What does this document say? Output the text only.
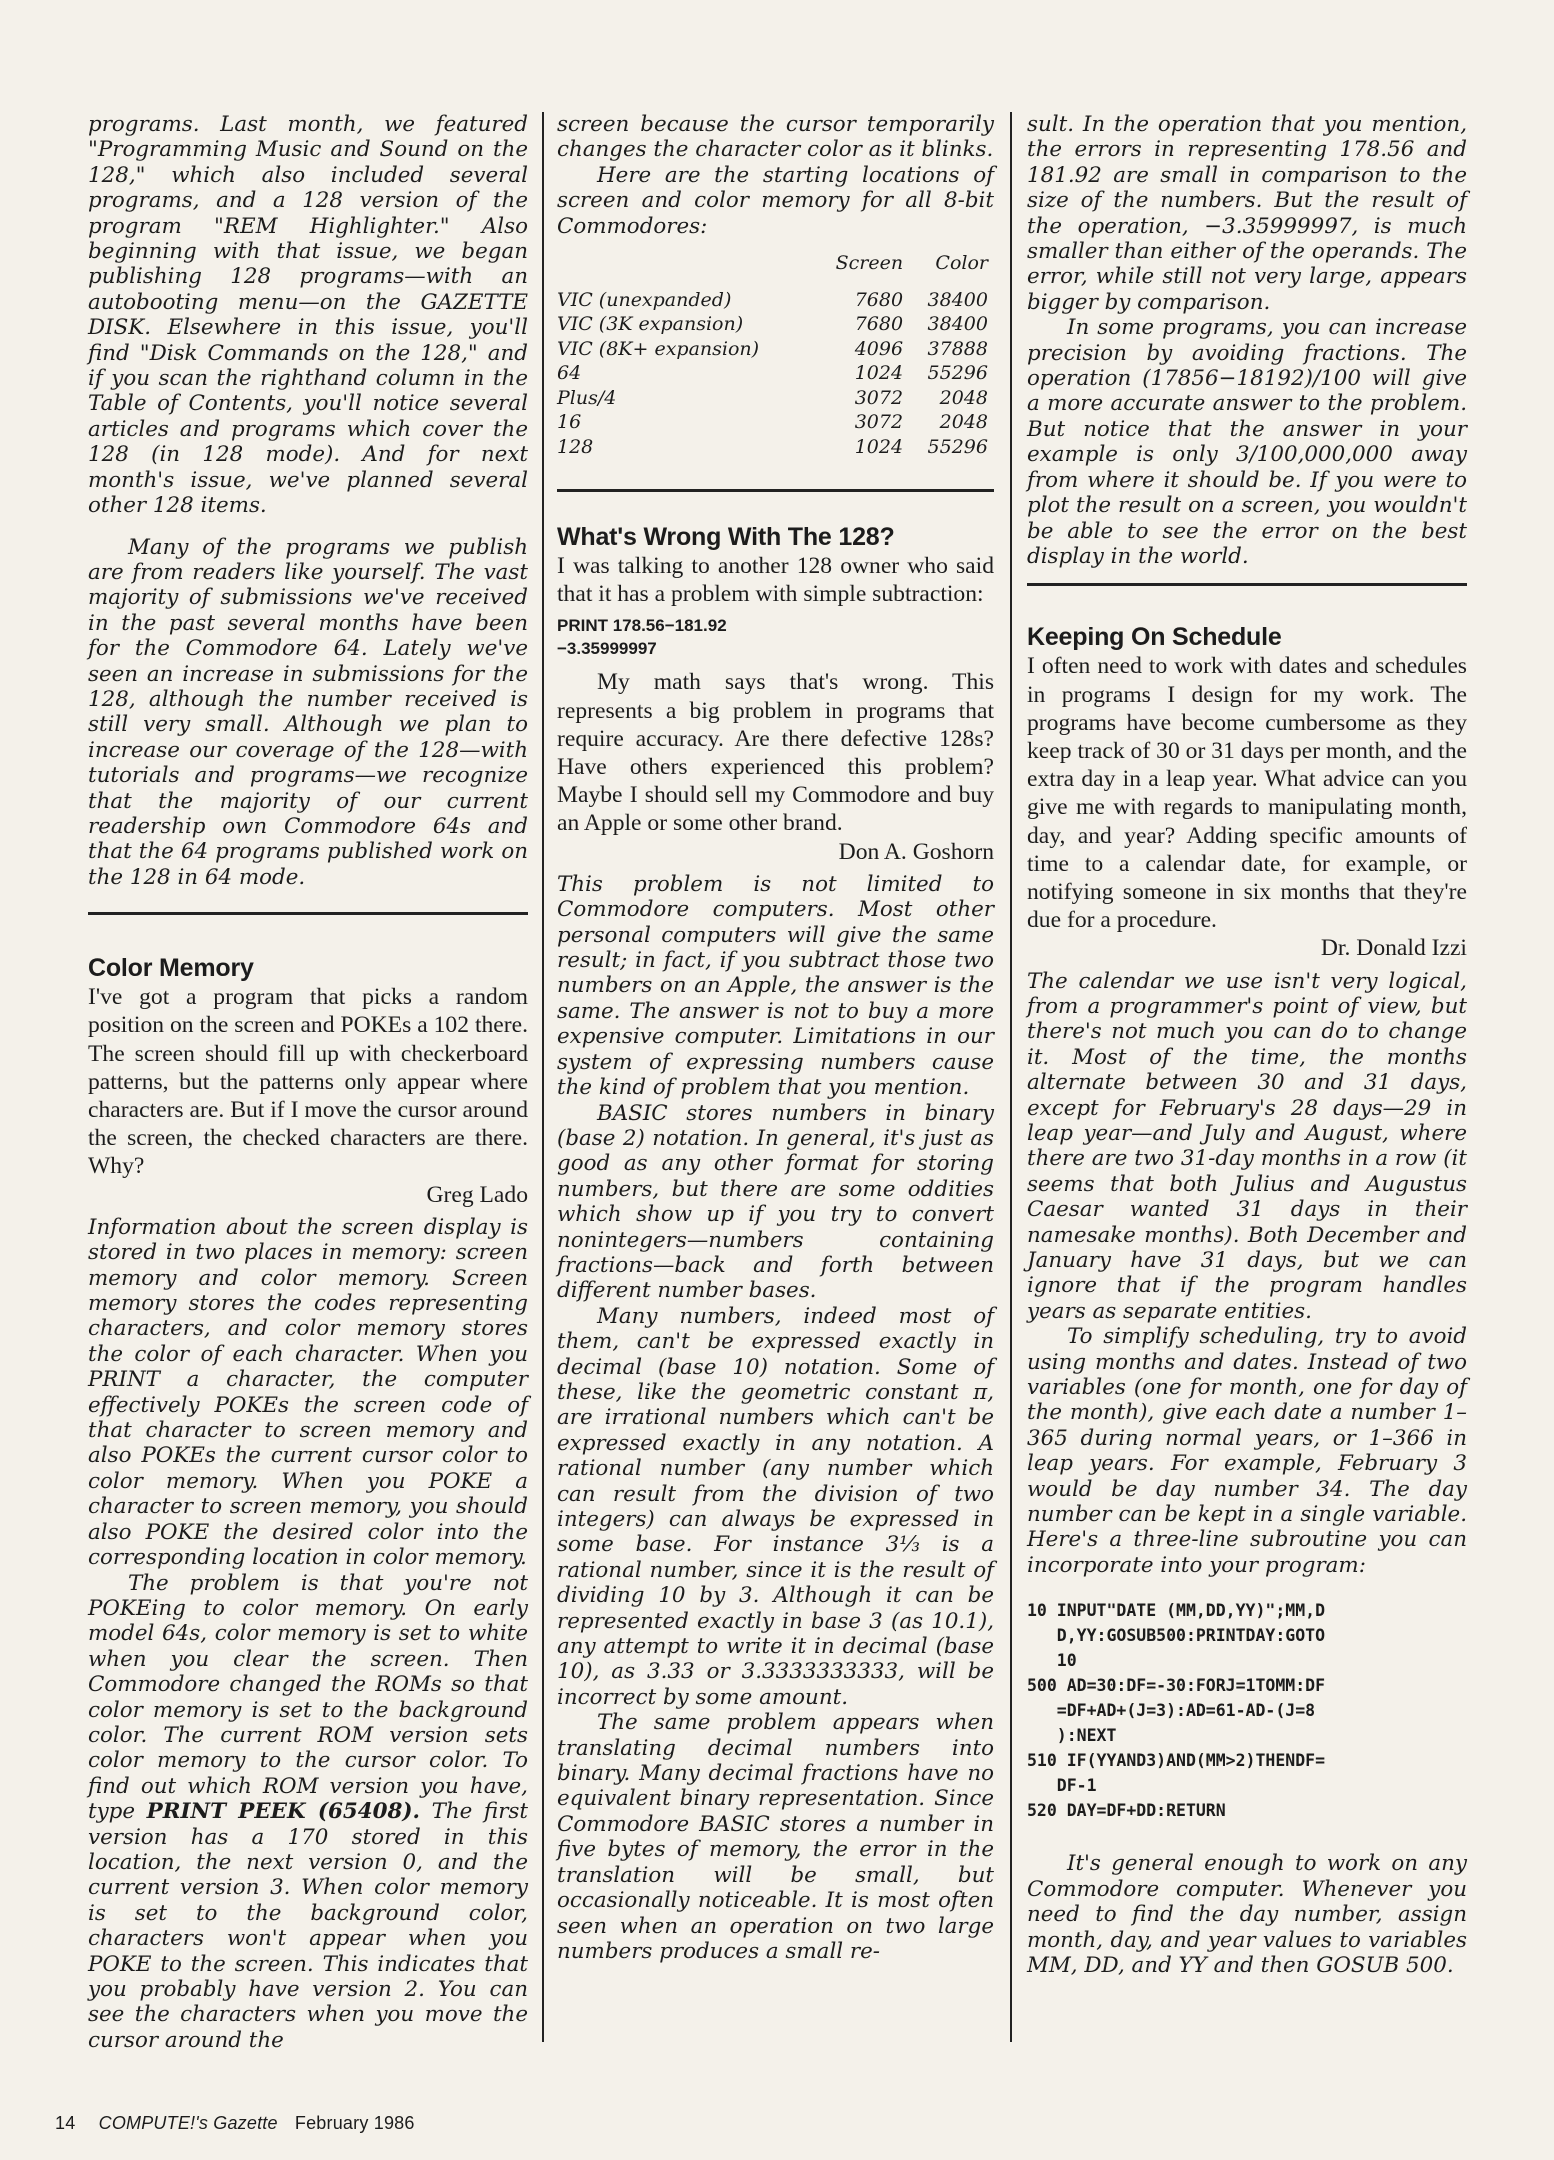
programs. Last month, we featured "Programming Music and Sound on the 128," which also included several programs, and a 128 version of the program "REM Highlighter." Also beginning with that issue, we began publishing 128 programs—with an autobooting menu—on the GAZETTE DISK. Elsewhere in this issue, you'll find "Disk Commands on the 128," and if you scan the righthand column in the Table of Contents, you'll notice several articles and programs which cover the 128 (in 128 mode). And for next month's issue, we've planned several other 128 items.

Many of the programs we publish are from readers like yourself. The vast majority of submissions we've received in the past several months have been for the Commodore 64. Lately we've seen an increase in submissions for the 128, although the number received is still very small. Although we plan to increase our coverage of the 128—with tutorials and programs—we recognize that the majority of our current readership own Commodore 64s and that the 64 programs published work on the 128 in 64 mode.

Color Memory

I've got a program that picks a random position on the screen and POKEs a 102 there. The screen should fill up with checkerboard patterns, but the patterns only appear where characters are. But if I move the cursor around the screen, the checked characters are there. Why?

Greg Lado

Information about the screen display is stored in two places in memory: screen memory and color memory. Screen memory stores the codes representing characters, and color memory stores the color of each character. When you PRINT a character, the computer effectively POKEs the screen code of that character to screen memory and also POKEs the current cursor color to color memory. When you POKE a character to screen memory, you should also POKE the desired color into the corresponding location in color memory.

The problem is that you're not POKEing to color memory. On early model 64s, color memory is set to white when you clear the screen. Then Commodore changed the ROMs so that color memory is set to the background color. The current ROM version sets color memory to the cursor color. To find out which ROM version you have, type PRINT PEEK (65408). The first version has a 170 stored in this location, the next version 0, and the current version 3. When color memory is set to the background color, characters won't appear when you POKE to the screen. This indicates that you probably have version 2. You can see the characters when you move the cursor around the

screen because the cursor temporarily changes the character color as it blinks.

Here are the starting locations of screen and color memory for all 8-bit Commodores:

	Screen	Color
VIC (unexpanded)	7680	38400
VIC (3K expansion)	7680	38400
VIC (8K+ expansion)	4096	37888
64	1024	55296
Plus/4	3072	2048
16	3072	2048
128	1024	55296
What's Wrong With The 128?

I was talking to another 128 owner who said that it has a problem with simple subtraction:

PRINT 178.56−181.92
−3.35999997

My math says that's wrong. This represents a big problem in programs that require accuracy. Are there defective 128s? Have others experienced this problem? Maybe I should sell my Commodore and buy an Apple or some other brand.

Don A. Goshorn

This problem is not limited to Commodore computers. Most other personal computers will give the same result; in fact, if you subtract those two numbers on an Apple, the answer is the same. The answer is not to buy a more expensive computer. Limitations in our system of expressing numbers cause the kind of problem that you mention.

BASIC stores numbers in binary (base 2) notation. In general, it's just as good as any other format for storing numbers, but there are some oddities which show up if you try to convert nonintegers—numbers containing fractions—back and forth between different number bases.

Many numbers, indeed most of them, can't be expressed exactly in decimal (base 10) notation. Some of these, like the geometric constant π, are irrational numbers which can't be expressed exactly in any notation. A rational number (any number which can result from the division of two integers) can always be expressed in some base. For instance 3⅓ is a rational number, since it is the result of dividing 10 by 3. Although it can be represented exactly in base 3 (as 10.1), any attempt to write it in decimal (base 10), as 3.33 or 3.3333333333, will be incorrect by some amount.

The same problem appears when translating decimal numbers into binary. Many decimal fractions have no equivalent binary representation. Since Commodore BASIC stores a number in five bytes of memory, the error in the translation will be small, but occasionally noticeable. It is most often seen when an operation on two large numbers produces a small re-

sult. In the operation that you mention, the errors in representing 178.56 and 181.92 are small in comparison to the size of the numbers. But the result of the operation, −3.35999997, is much smaller than either of the operands. The error, while still not very large, appears bigger by comparison.

In some programs, you can increase precision by avoiding fractions. The operation (17856−18192)/100 will give a more accurate answer to the problem. But notice that the answer in your example is only 3/100,000,000 away from where it should be. If you were to plot the result on a screen, you wouldn't be able to see the error on the best display in the world.

Keeping On Schedule

I often need to work with dates and schedules in programs I design for my work. The programs have become cumbersome as they keep track of 30 or 31 days per month, and the extra day in a leap year. What advice can you give me with regards to manipulating month, day, and year? Adding specific amounts of time to a calendar date, for example, or notifying someone in six months that they're due for a procedure.

Dr. Donald Izzi

The calendar we use isn't very logical, from a programmer's point of view, but there's not much you can do to change it. Most of the time, the months alternate between 30 and 31 days, except for February's 28 days—29 in leap year—and July and August, where there are two 31-day months in a row (it seems that both Julius and Augustus Caesar wanted 31 days in their namesake months). Both December and January have 31 days, but we can ignore that if the program handles years as separate entities.

To simplify scheduling, try to avoid using months and dates. Instead of two variables (one for month, one for day of the month), give each date a number 1–365 during normal years, or 1–366 in leap years. For example, February 3 would be day number 34. The day number can be kept in a single variable. Here's a three-line subroutine you can incorporate into your program:

10 INPUT"DATE (MM,DD,YY)";MM,D
D,YY:GOSUB500:PRINTDAY:GOTO
10
500 AD=30:DF=-30:FORJ=1TOMM:DF
=DF+AD+(J=3):AD=61-AD-(J=8
):NEXT
510 IF(YYAND3)AND(MM>2)THENDF=
DF-1
520 DAY=DF+DD:RETURN

It's general enough to work on any Commodore computer. Whenever you need to find the day number, assign month, day, and year values to variables MM, DD, and YY and then GOSUB 500.

14 COMPUTE!'s Gazette February 1986
